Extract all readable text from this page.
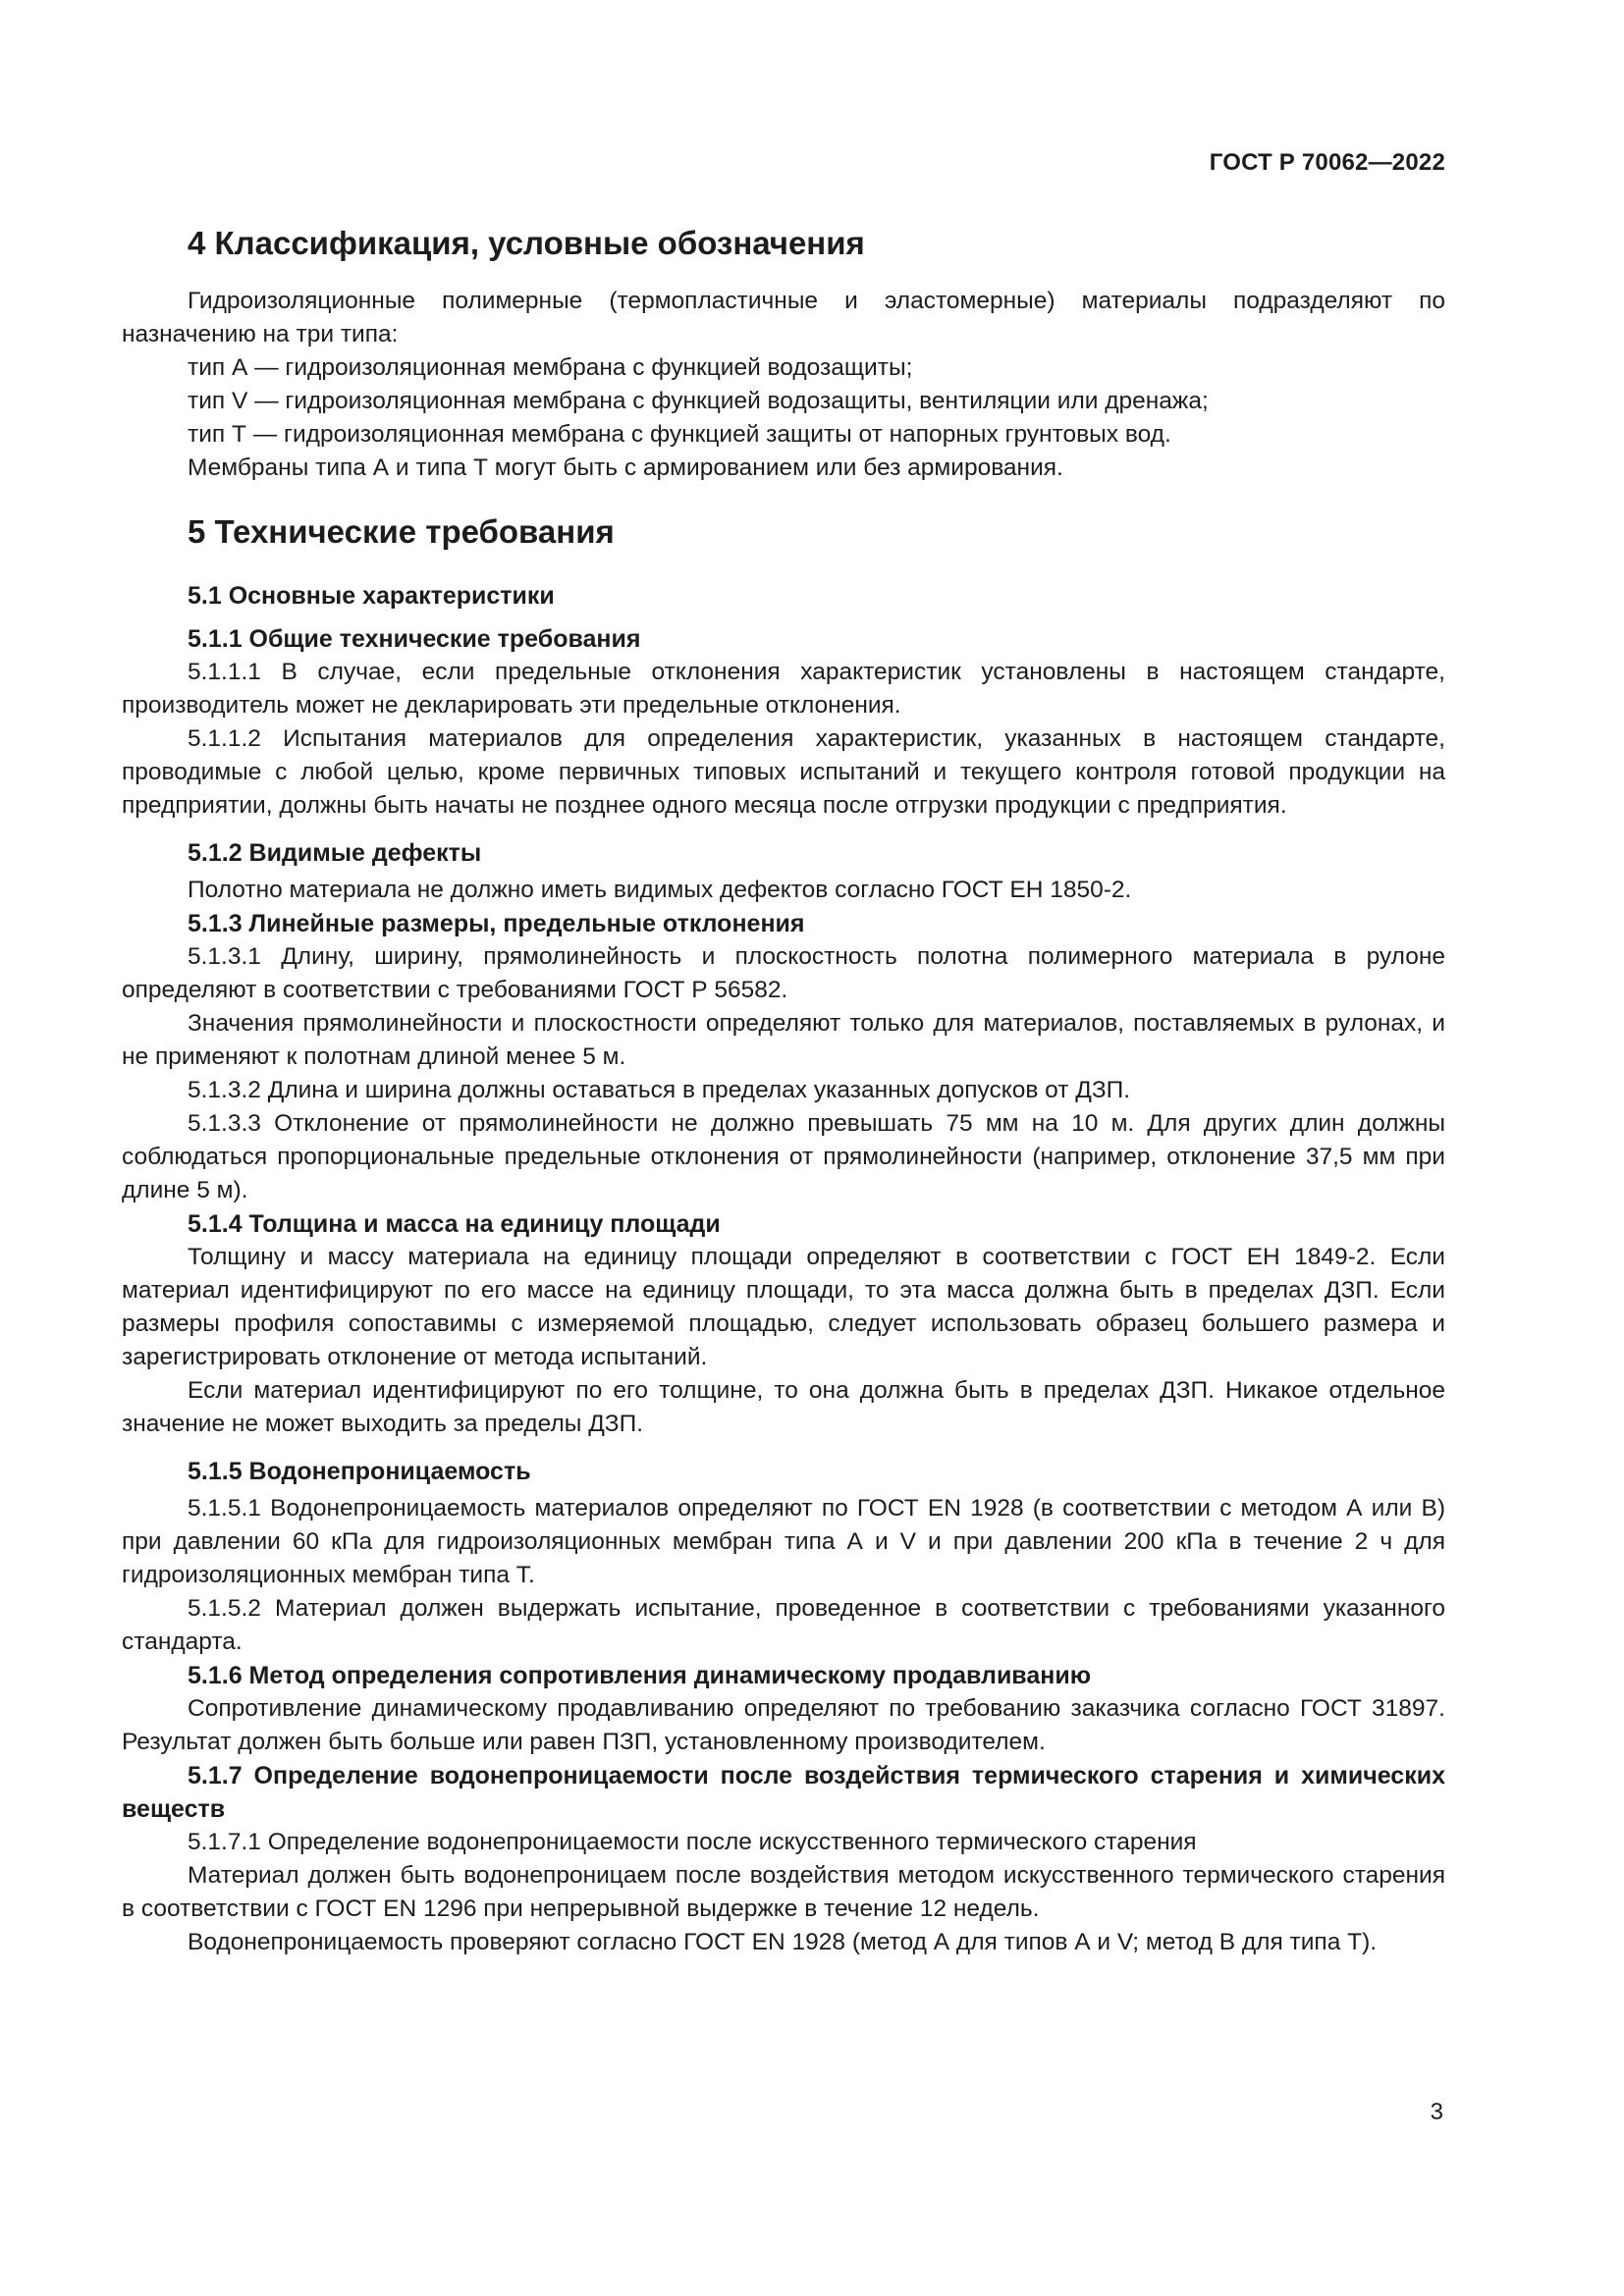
ГОСТ Р 70062—2022
4 Классификация, условные обозначения

Гидроизоляционные полимерные (термопластичные и эластомерные) материалы подразделяют по назначению на три типа:

тип А — гидроизоляционная мембрана с функцией водозащиты;

тип V — гидроизоляционная мембрана с функцией водозащиты, вентиляции или дренажа;

тип Т — гидроизоляционная мембрана с функцией защиты от напорных грунтовых вод.

Мембраны типа А и типа Т могут быть с армированием или без армирования.

5 Технические требования
5.1 Основные характеристики
5.1.1 Общие технические требования

5.1.1.1 В случае, если предельные отклонения характеристик установлены в настоящем стандарте, производитель может не декларировать эти предельные отклонения.

5.1.1.2 Испытания материалов для определения характеристик, указанных в настоящем стандарте, проводимые с любой целью, кроме первичных типовых испытаний и текущего контроля готовой продукции на предприятии, должны быть начаты не позднее одного месяца после отгрузки продукции с предприятия.

5.1.2 Видимые дефекты

Полотно материала не должно иметь видимых дефектов согласно ГОСТ ЕН 1850-2.

5.1.3 Линейные размеры, предельные отклонения

5.1.3.1 Длину, ширину, прямолинейность и плоскостность полотна полимерного материала в рулоне определяют в соответствии с требованиями ГОСТ Р 56582.

Значения прямолинейности и плоскостности определяют только для материалов, поставляемых в рулонах, и не применяют к полотнам длиной менее 5 м.

5.1.3.2 Длина и ширина должны оставаться в пределах указанных допусков от ДЗП.

5.1.3.3 Отклонение от прямолинейности не должно превышать 75 мм на 10 м. Для других длин должны соблюдаться пропорциональные предельные отклонения от прямолинейности (например, отклонение 37,5 мм при длине 5 м).

5.1.4 Толщина и масса на единицу площади

Толщину и массу материала на единицу площади определяют в соответствии с ГОСТ ЕН 1849-2. Если материал идентифицируют по его массе на единицу площади, то эта масса должна быть в пределах ДЗП. Если размеры профиля сопоставимы с измеряемой площадью, следует использовать образец большего размера и зарегистрировать отклонение от метода испытаний.

Если материал идентифицируют по его толщине, то она должна быть в пределах ДЗП. Никакое отдельное значение не может выходить за пределы ДЗП.

5.1.5 Водонепроницаемость

5.1.5.1 Водонепроницаемость материалов определяют по ГОСТ EN 1928 (в соответствии с методом А или В) при давлении 60 кПа для гидроизоляционных мембран типа А и V и при давлении 200 кПа в течение 2 ч для гидроизоляционных мембран типа Т.

5.1.5.2 Материал должен выдержать испытание, проведенное в соответствии с требованиями указанного стандарта.

5.1.6 Метод определения сопротивления динамическому продавливанию

Сопротивление динамическому продавливанию определяют по требованию заказчика согласно ГОСТ 31897. Результат должен быть больше или равен ПЗП, установленному производителем.

5.1.7 Определение водонепроницаемости после воздействия термического старения и химических веществ

5.1.7.1 Определение водонепроницаемости после искусственного термического старения

Материал должен быть водонепроницаем после воздействия методом искусственного термического старения в соответствии с ГОСТ EN 1296 при непрерывной выдержке в течение 12 недель.

Водонепроницаемость проверяют согласно ГОСТ EN 1928 (метод А для типов А и V; метод В для типа Т).

3
